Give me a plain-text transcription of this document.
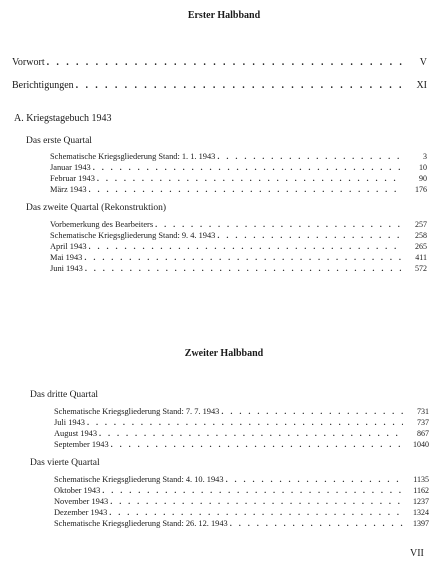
Erster Halbband
Vorwort . . .	V
Berichtigungen . . .	XI
A. Kriegstagebuch 1943
Das erste Quartal
Schematische Kriegsgliederung Stand: 1. 1. 1943 . . .	3
Januar 1943 . . .	10
Februar 1943 . . .	90
März 1943 . . .	176
Das zweite Quartal (Rekonstruktion)
Vorbemerkung des Bearbeiters . . .	257
Schematische Kriegsgliederung Stand: 9. 4. 1943 . . .	258
April 1943 . . .	265
Mai 1943 . . .	411
Juni 1943 . . .	572
Zweiter Halbband
Das dritte Quartal
Schematische Kriegsgliederung Stand: 7. 7. 1943 . . .	731
Juli 1943 . . .	737
August 1943 . . .	867
September 1943 . . .	1040
Das vierte Quartal
Schematische Kriegsgliederung Stand: 4. 10. 1943 . . .	1135
Oktober 1943 . . .	1162
November 1943 . . .	1237
Dezember 1943 . . .	1324
Schematische Kriegsgliederung Stand: 26. 12. 1943 . . .	1397
VII
